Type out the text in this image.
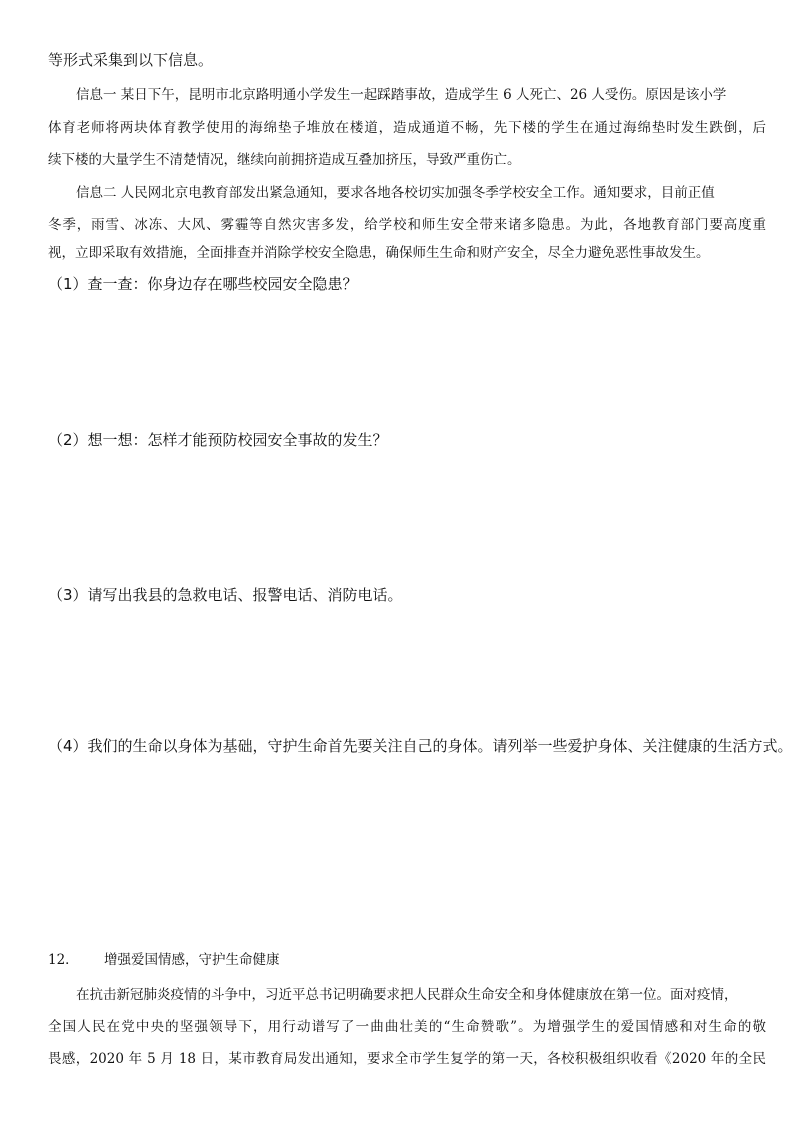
等形式采集到以下信息。
信息一 某日下午，昆明市北京路明通小学发生一起踩踏事故，造成学生 6 人死亡、26 人受伤。原因是该小学
体育老师将两块体育教学使用的海绵垫子堆放在楼道，造成通道不畅，先下楼的学生在通过海绵垫时发生跌倒，后
续下楼的大量学生不清楚情况，继续向前拥挤造成互叠加挤压，导致严重伤亡。
信息二 人民网北京电教育部发出紧急通知，要求各地各校切实加强冬季学校安全工作。通知要求，目前正值
冬季，雨雪、冰冻、大风、雾霾等自然灾害多发，给学校和师生安全带来诸多隐患。为此，各地教育部门要高度重
视，立即采取有效措施，全面排查并消除学校安全隐患，确保师生生命和财产安全，尽全力避免恶性事故发生。
（1）查一查：你身边存在哪些校园安全隐患？
（2）想一想：怎样才能预防校园安全事故的发生？
（3）请写出我县的急救电话、报警电话、消防电话。
（4）我们的生命以身体为基础，守护生命首先要关注自己的身体。请列举一些爱护身体、关注健康的生活方式。
12． 增强爱国情感，守护生命健康
在抗击新冠肺炎疫情的斗争中，习近平总书记明确要求把人民群众生命安全和身体健康放在第一位。面对疫情，
全国人民在党中央的坚强领导下，用行动谱写了一曲曲壮美的“生命赞歌”。为增强学生的爱国情感和对生命的敬
畏感，2020 年 5 月 18 日，某市教育局发出通知，要求全市学生复学的第一天，各校积极组织收看《2020 年的全民
